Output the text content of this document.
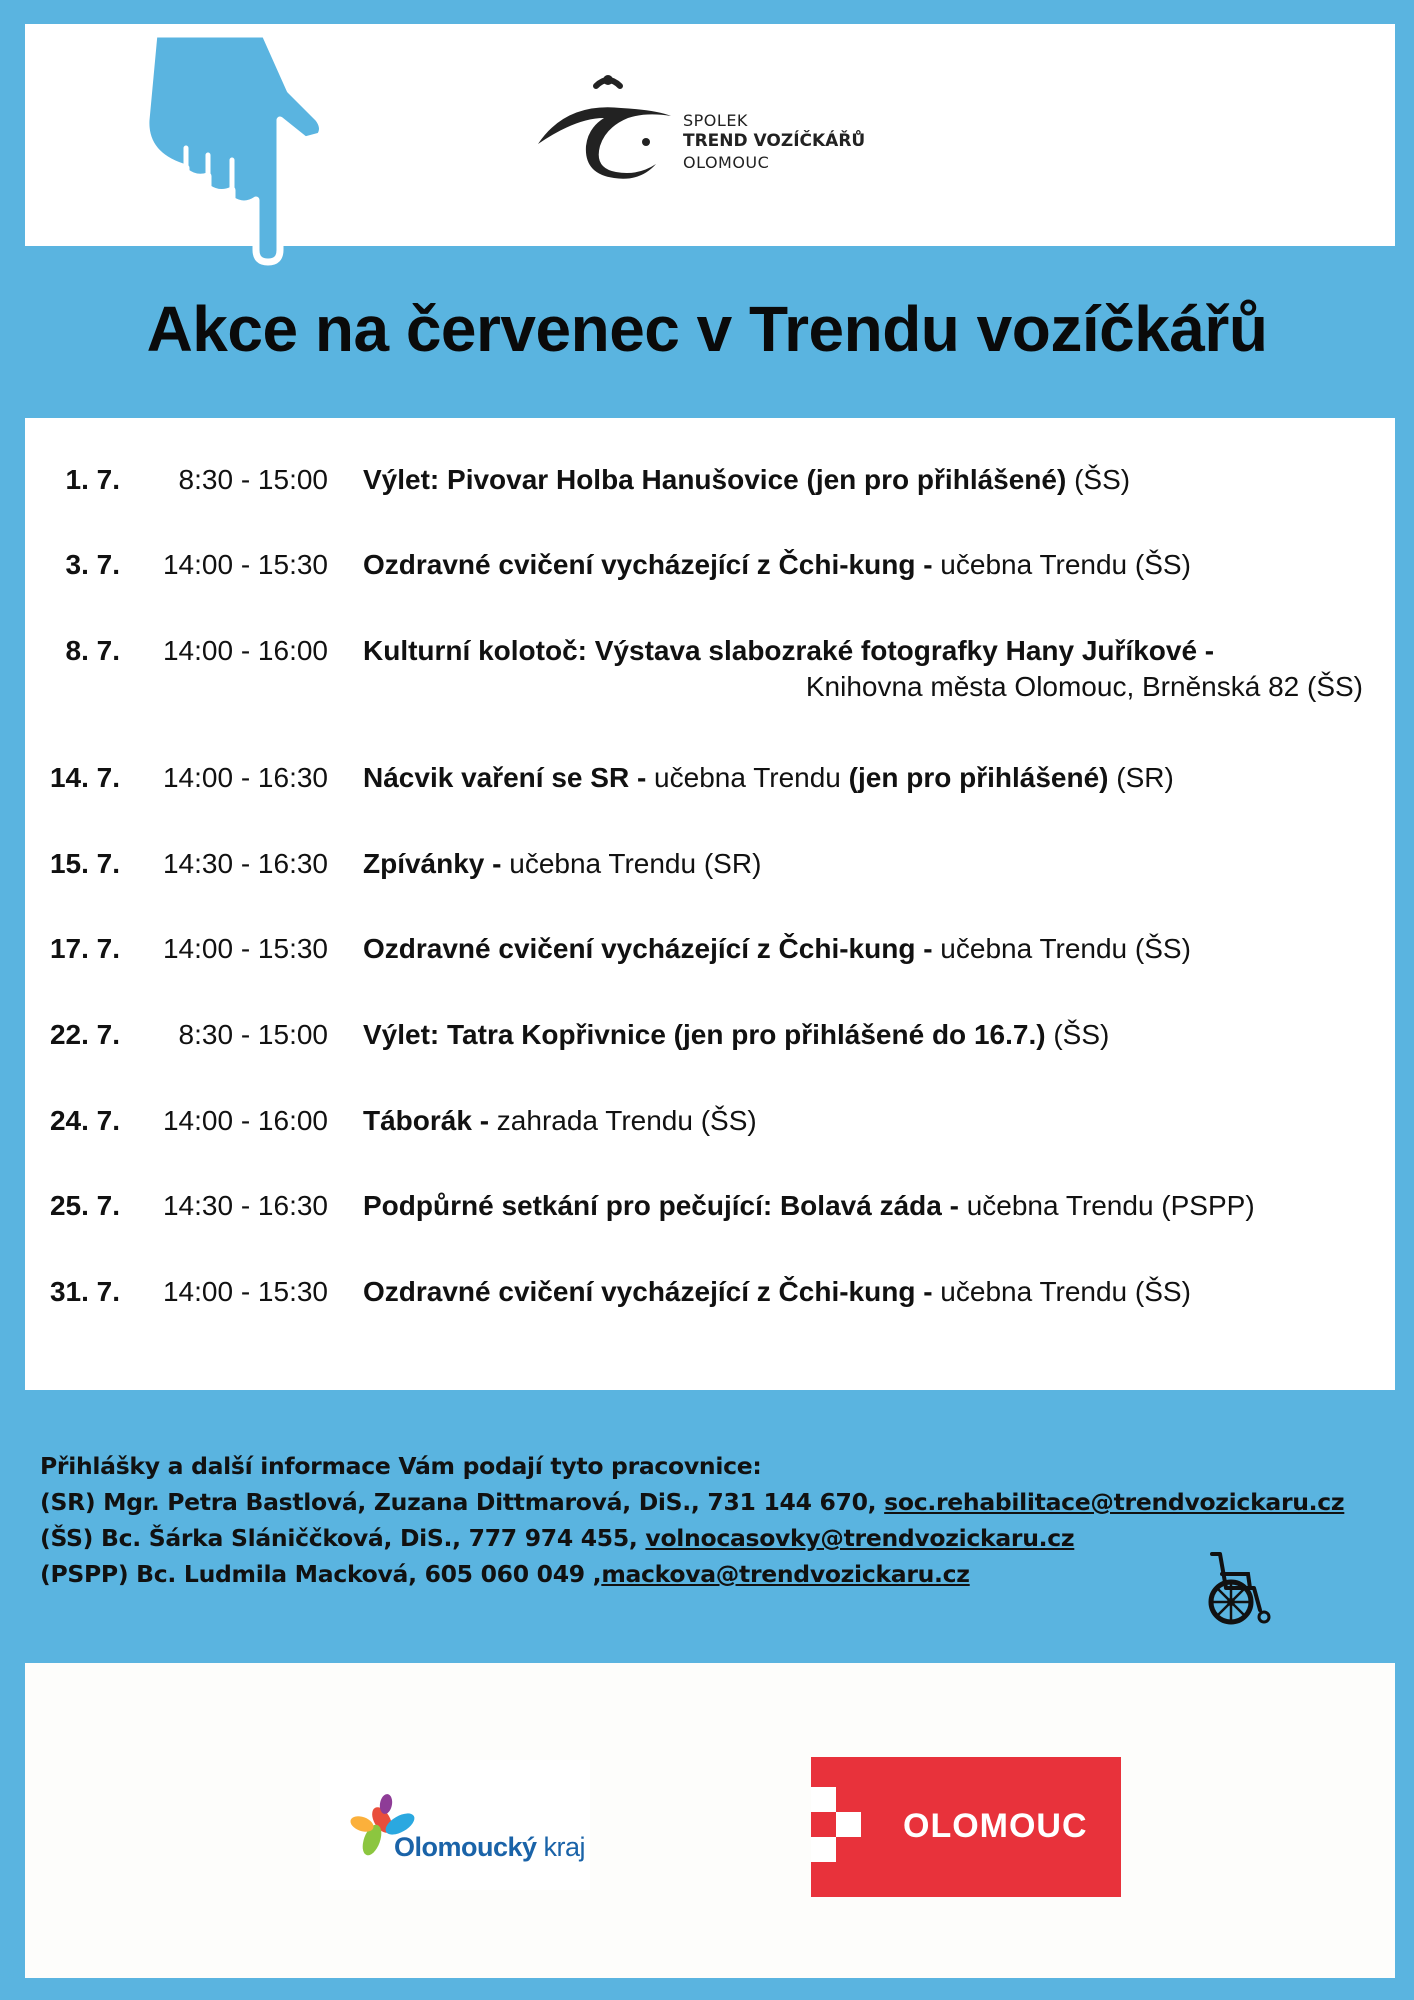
SPOLEK
TREND VOZÍČKÁŘŮ
OLOMOUC
Akce na červenec v Trendu vozíčkářů
1. 7. 8:30 - 15:00 Výlet: Pivovar Holba Hanušovice (jen pro přihlášené) (ŠS)
3. 7. 14:00 - 15:30 Ozdravné cvičení vycházející z Čchi-kung - učebna Trendu (ŠS)
8. 7. 14:00 - 16:00 Kulturní kolotoč: Výstava slabozraké fotografky Hany Juříkové -
Knihovna města Olomouc, Brněnská 82 (ŠS)
14. 7. 14:00 - 16:30 Nácvik vaření se SR - učebna Trendu (jen pro přihlášené) (SR)
15. 7. 14:30 - 16:30 Zpívánky - učebna Trendu (SR)
17. 7. 14:00 - 15:30 Ozdravné cvičení vycházející z Čchi-kung - učebna Trendu (ŠS)
22. 7. 8:30 - 15:00 Výlet: Tatra Kopřivnice (jen pro přihlášené do 16.7.) (ŠS)
24. 7. 14:00 - 16:00 Táborák - zahrada Trendu (ŠS)
25. 7. 14:30 - 16:30 Podpůrné setkání pro pečující: Bolavá záda - učebna Trendu (PSPP)
31. 7. 14:00 - 15:30 Ozdravné cvičení vycházející z Čchi-kung - učebna Trendu (ŠS)
Přihlášky a další informace Vám podají tyto pracovnice:
(SR) Mgr. Petra Bastlová, Zuzana Dittmarová, DiS., 731 144 670, soc.rehabilitace@trendvozickaru.cz
(ŠS) Bc. Šárka Slániččková, DiS., 777 974 455, volnocasovky@trendvozickaru.cz
(PSPP) Bc. Ludmila Macková, 605 060 049 ,mackova@trendvozickaru.cz
Olomoucký kraj
OLOMOUC
